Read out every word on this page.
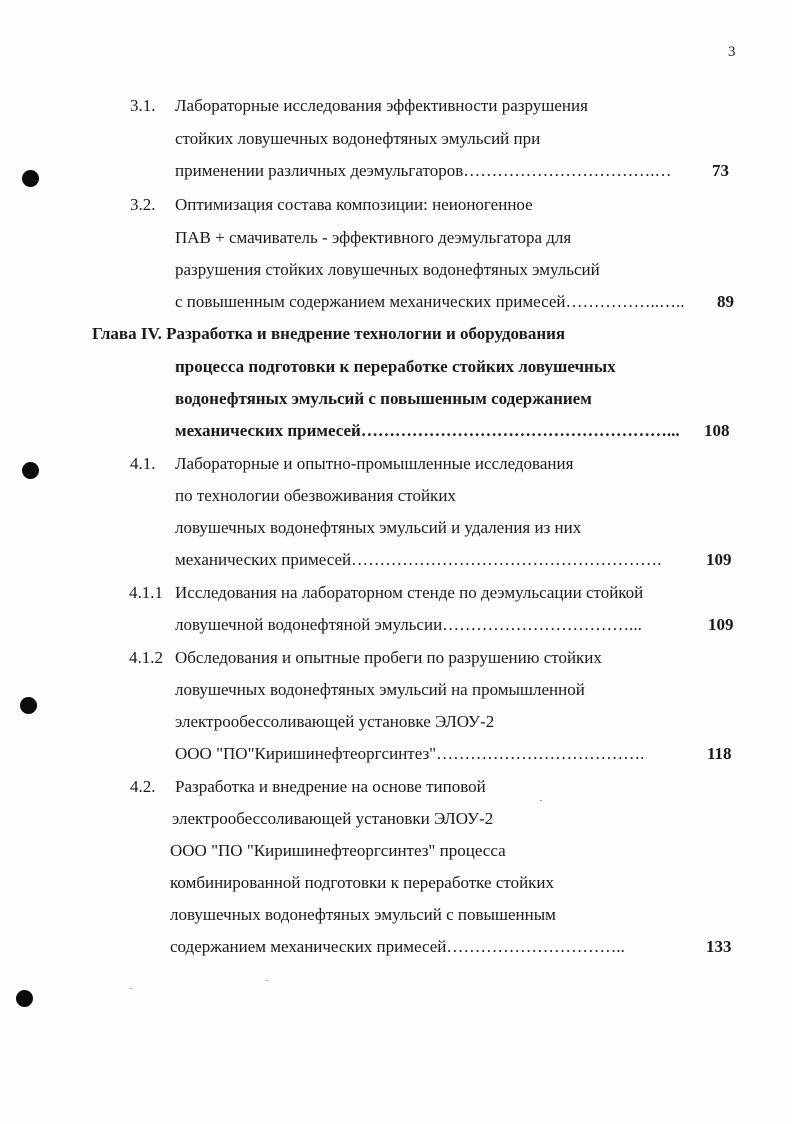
3
3.1. Лабораторные исследования эффективности разрушения
стойких ловушечных водонефтяных эмульсий при
применении различных деэмульгаторов…………………………….… 73
3.2. Оптимизация состава композиции: неионогенное
ПАВ + смачиватель - эффективного деэмульгатора для
разрушения стойких ловушечных водонефтяных эмульсий
с повышенным содержанием механических примесей……………..….. 89
Глава IV. Разработка и внедрение технологии и оборудования
процесса подготовки к переработке стойких ловушечных
водонефтяных эмульсий с повышенным содержанием
механических примесей………………………………………………... 108
4.1. Лабораторные и опытно-промышленные исследования
по технологии обезвоживания стойких
ловушечных водонефтяных эмульсий и удаления из них
механических примесей……………………………………………….	109
4.1.1 Исследования на лабораторном стенде по деэмульсации стойкой
ловушечной водонефтяной эмульсии……………………………...	109
4.1.2 Обследования и опытные пробеги по разрушению стойких
ловушечных водонефтяных эмульсий на промышленной
электрообессоливающей установке ЭЛОУ-2
ООО "ПО"Киришинефтеоргсинтез"……………………………….	118
4.2. Разработка и внедрение на основе типовой
электрообессоливающей установки ЭЛОУ-2
ООО "ПО "Киришинефтеоргсинтез" процесса
комбинированной подготовки к переработке стойких
ловушечных водонефтяных эмульсий с повышенным
содержанием механических примесей…………………………..	133
